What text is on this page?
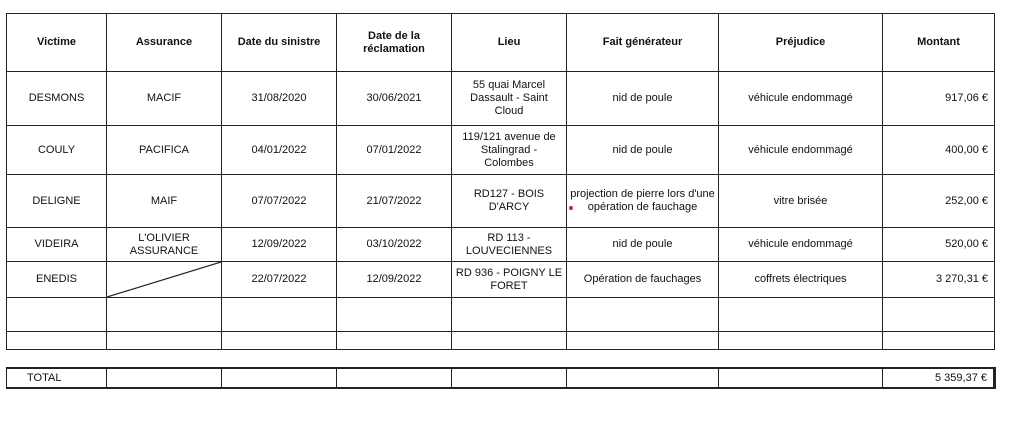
Victime	Assurance	Date du sinistre	Date de la réclamation	Lieu	Fait générateur	Préjudice	Montant
DESMONS	MACIF	31/08/2020	30/06/2021	55 quai Marcel Dassault - Saint Cloud	nid de poule	véhicule endommagé	917,06 €
COULY	PACIFICA	04/01/2022	07/01/2022	119/121 avenue de Stalingrad - Colombes	nid de poule	véhicule endommagé	400,00 €
DELIGNE	MAIF	07/07/2022	21/07/2022	RD127 - BOIS D'ARCY	projection de pierre lors d'une opération de fauchage	vitre brisée	252,00 €
VIDEIRA	L'OLIVIER ASSURANCE	12/09/2022	03/10/2022	RD 113 - LOUVECIENNES	nid de poule	véhicule endommagé	520,00 €
ENEDIS		22/07/2022	12/09/2022	RD 936 - POIGNY LE FORET	Opération de fauchages	coffrets électriques	3 270,31 €

TOTAL							5 359,37 €
